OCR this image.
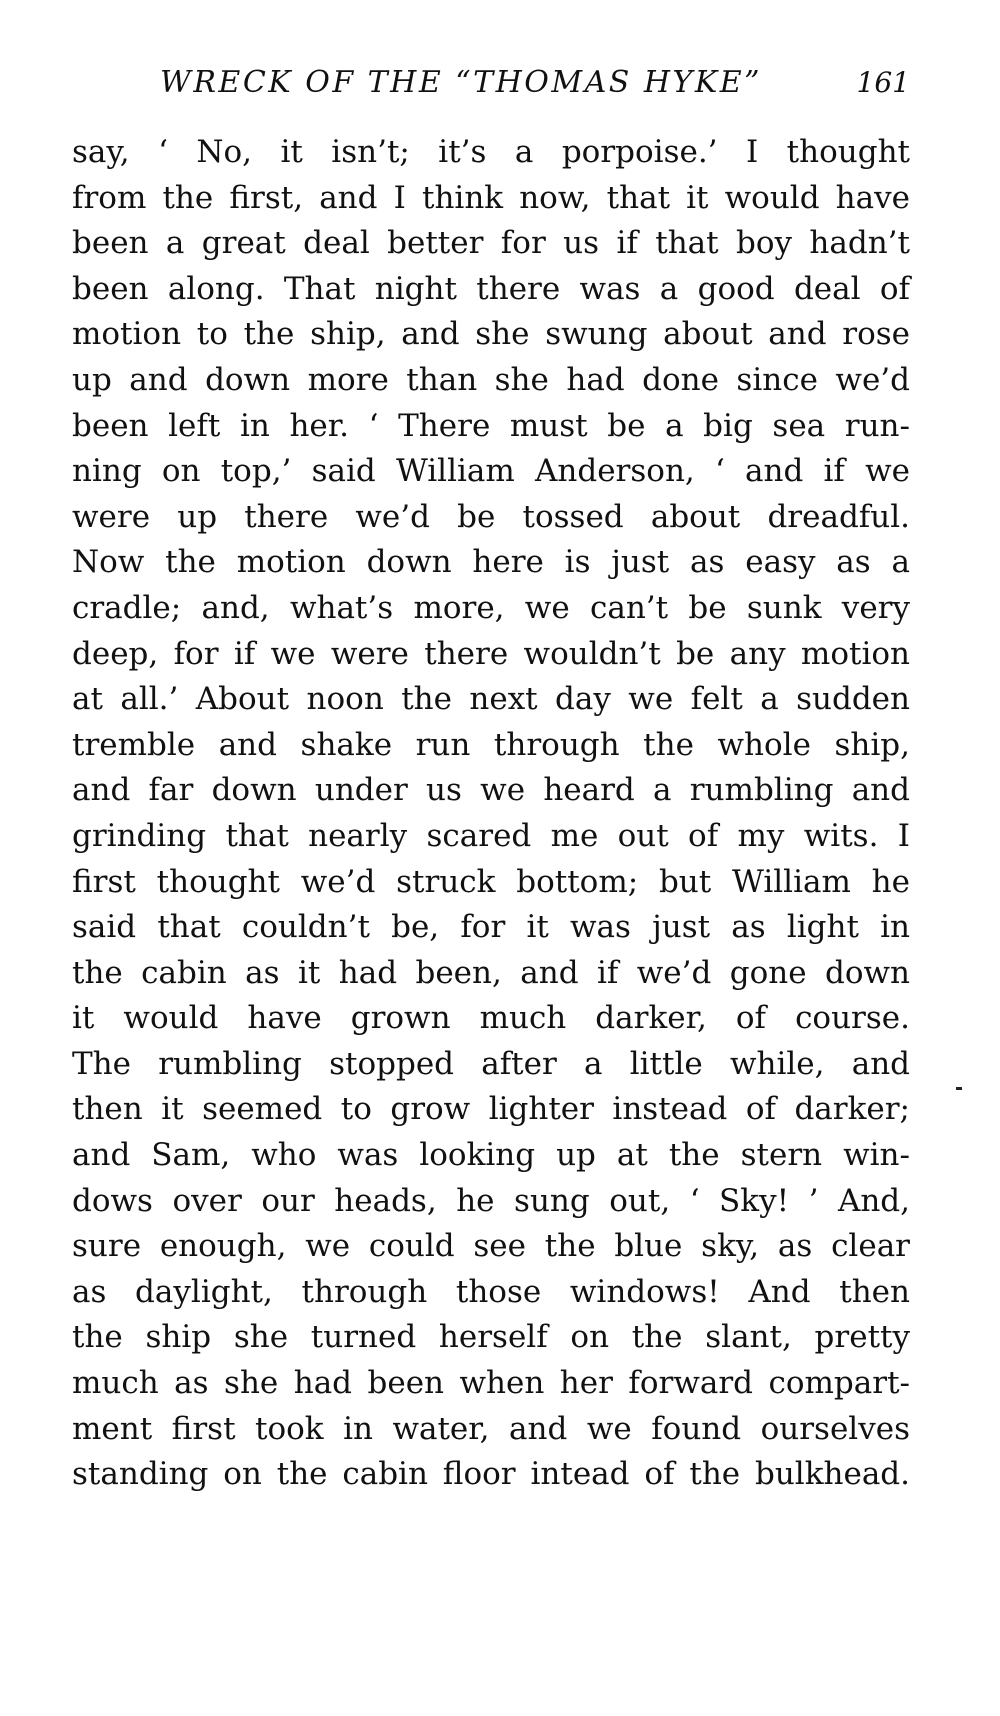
WRECK OF THE “THOMAS HYKE”	161
say, ‘ No, it isn’t; it’s a porpoise.’ I thought
from the first, and I think now, that it would have
been a great deal better for us if that boy hadn’t
been along. That night there was a good deal of
motion to the ship, and she swung about and rose
up and down more than she had done since we’d
been left in her. ‘ There must be a big sea run-
ning on top,’ said William Anderson, ‘ and if we
were up there we’d be tossed about dreadful.
Now the motion down here is just as easy as a
cradle; and, what’s more, we can’t be sunk very
deep, for if we were there wouldn’t be any motion
at all.’ About noon the next day we felt a sudden
tremble and shake run through the whole ship,
and far down under us we heard a rumbling and
grinding that nearly scared me out of my wits. I
first thought we’d struck bottom; but William he
said that couldn’t be, for it was just as light in
the cabin as it had been, and if we’d gone down
it would have grown much darker, of course.
The rumbling stopped after a little while, and
then it seemed to grow lighter instead of darker;
and Sam, who was looking up at the stern win-
dows over our heads, he sung out, ‘ Sky! ’ And,
sure enough, we could see the blue sky, as clear
as daylight, through those windows! And then
the ship she turned herself on the slant, pretty
much as she had been when her forward compart-
ment first took in water, and we found ourselves
standing on the cabin floor intead of the bulkhead.
